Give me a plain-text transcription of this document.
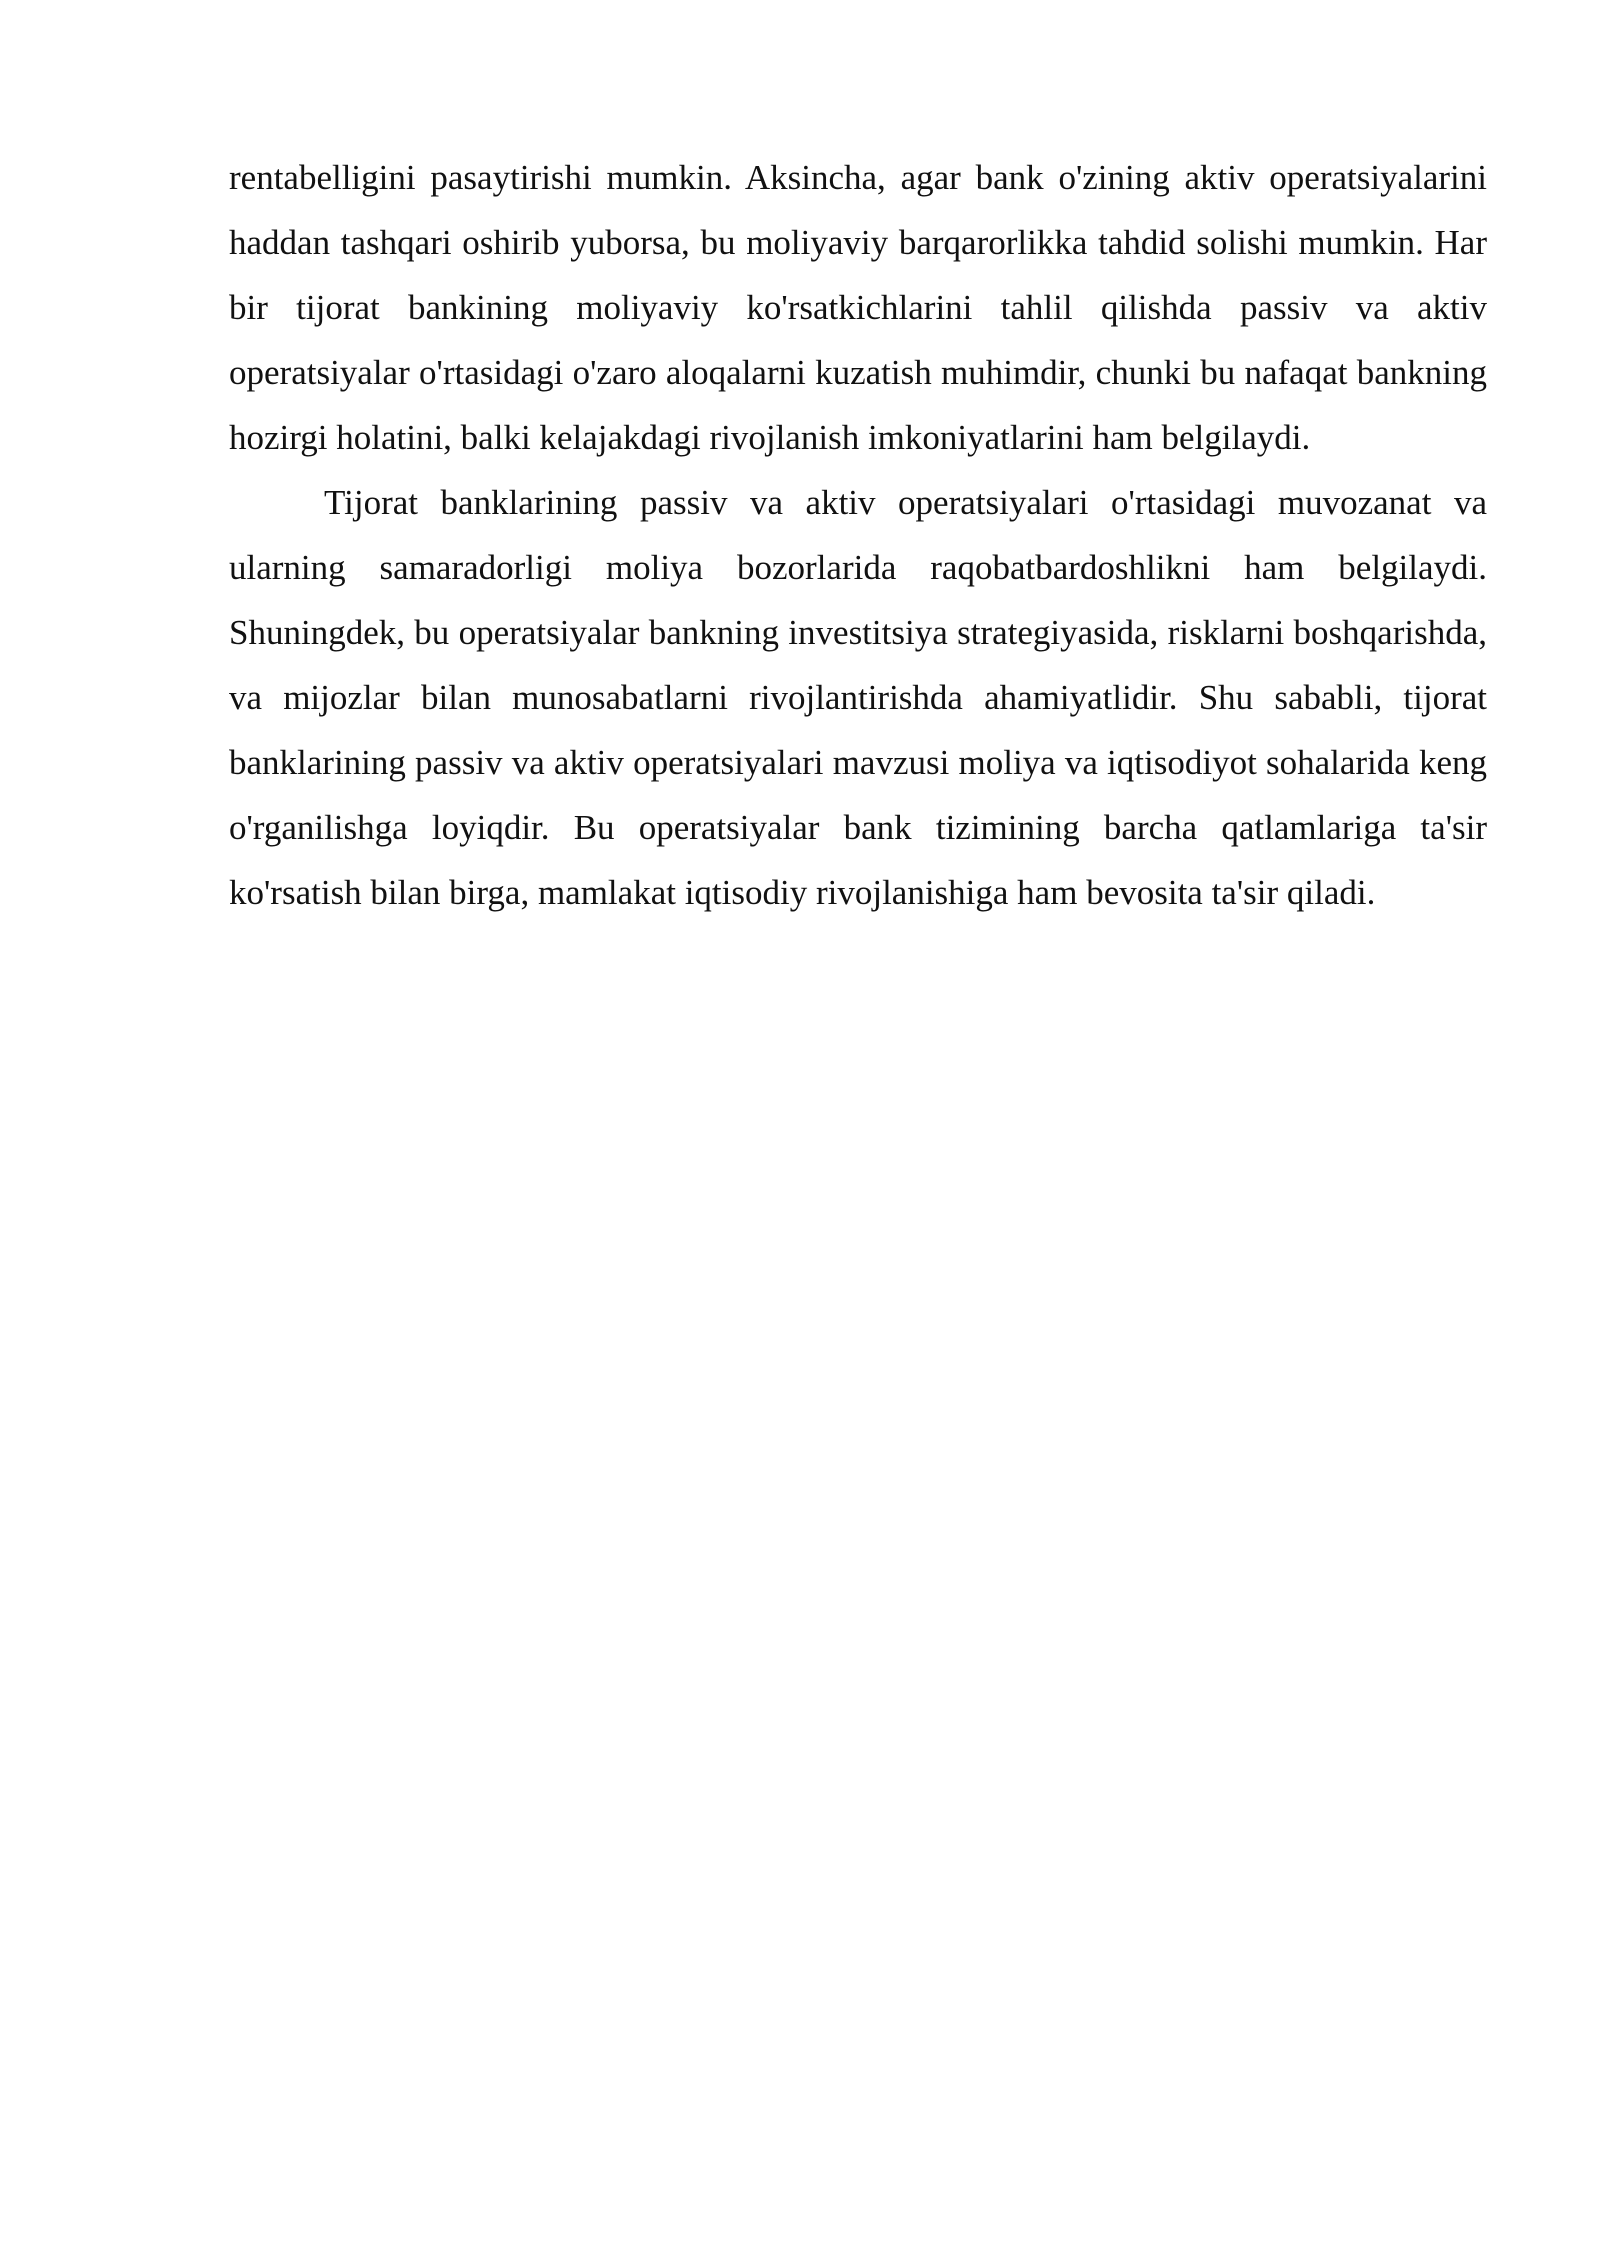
rentabelligini pasaytirishi mumkin. Aksincha, agar bank o'zining aktiv operatsiyalarini haddan tashqari oshirib yuborsa, bu moliyaviy barqarorlikka tahdid solishi mumkin. Har bir tijorat bankining moliyaviy ko'rsatkichlarini tahlil qilishda passiv va aktiv operatsiyalar o'rtasidagi o'zaro aloqalarni kuzatish muhimdir, chunki bu nafaqat bankning hozirgi holatini, balki kelajakdagi rivojlanish imkoniyatlarini ham belgilaydi.

Tijorat banklarining passiv va aktiv operatsiyalari o'rtasidagi muvozanat va ularning samaradorligi moliya bozorlarida raqobatbardoshlikni ham belgilaydi. Shuningdek, bu operatsiyalar bankning investitsiya strategiyasida, risklarni boshqarishda, va mijozlar bilan munosabatlarni rivojlantirishda ahamiyatlidir. Shu sababli, tijorat banklarining passiv va aktiv operatsiyalari mavzusi moliya va iqtisodiyot sohalarida keng o'rganilishga loyiqdir. Bu operatsiyalar bank tizimining barcha qatlamlariga ta'sir ko'rsatish bilan birga, mamlakat iqtisodiy rivojlanishiga ham bevosita ta'sir qiladi.
